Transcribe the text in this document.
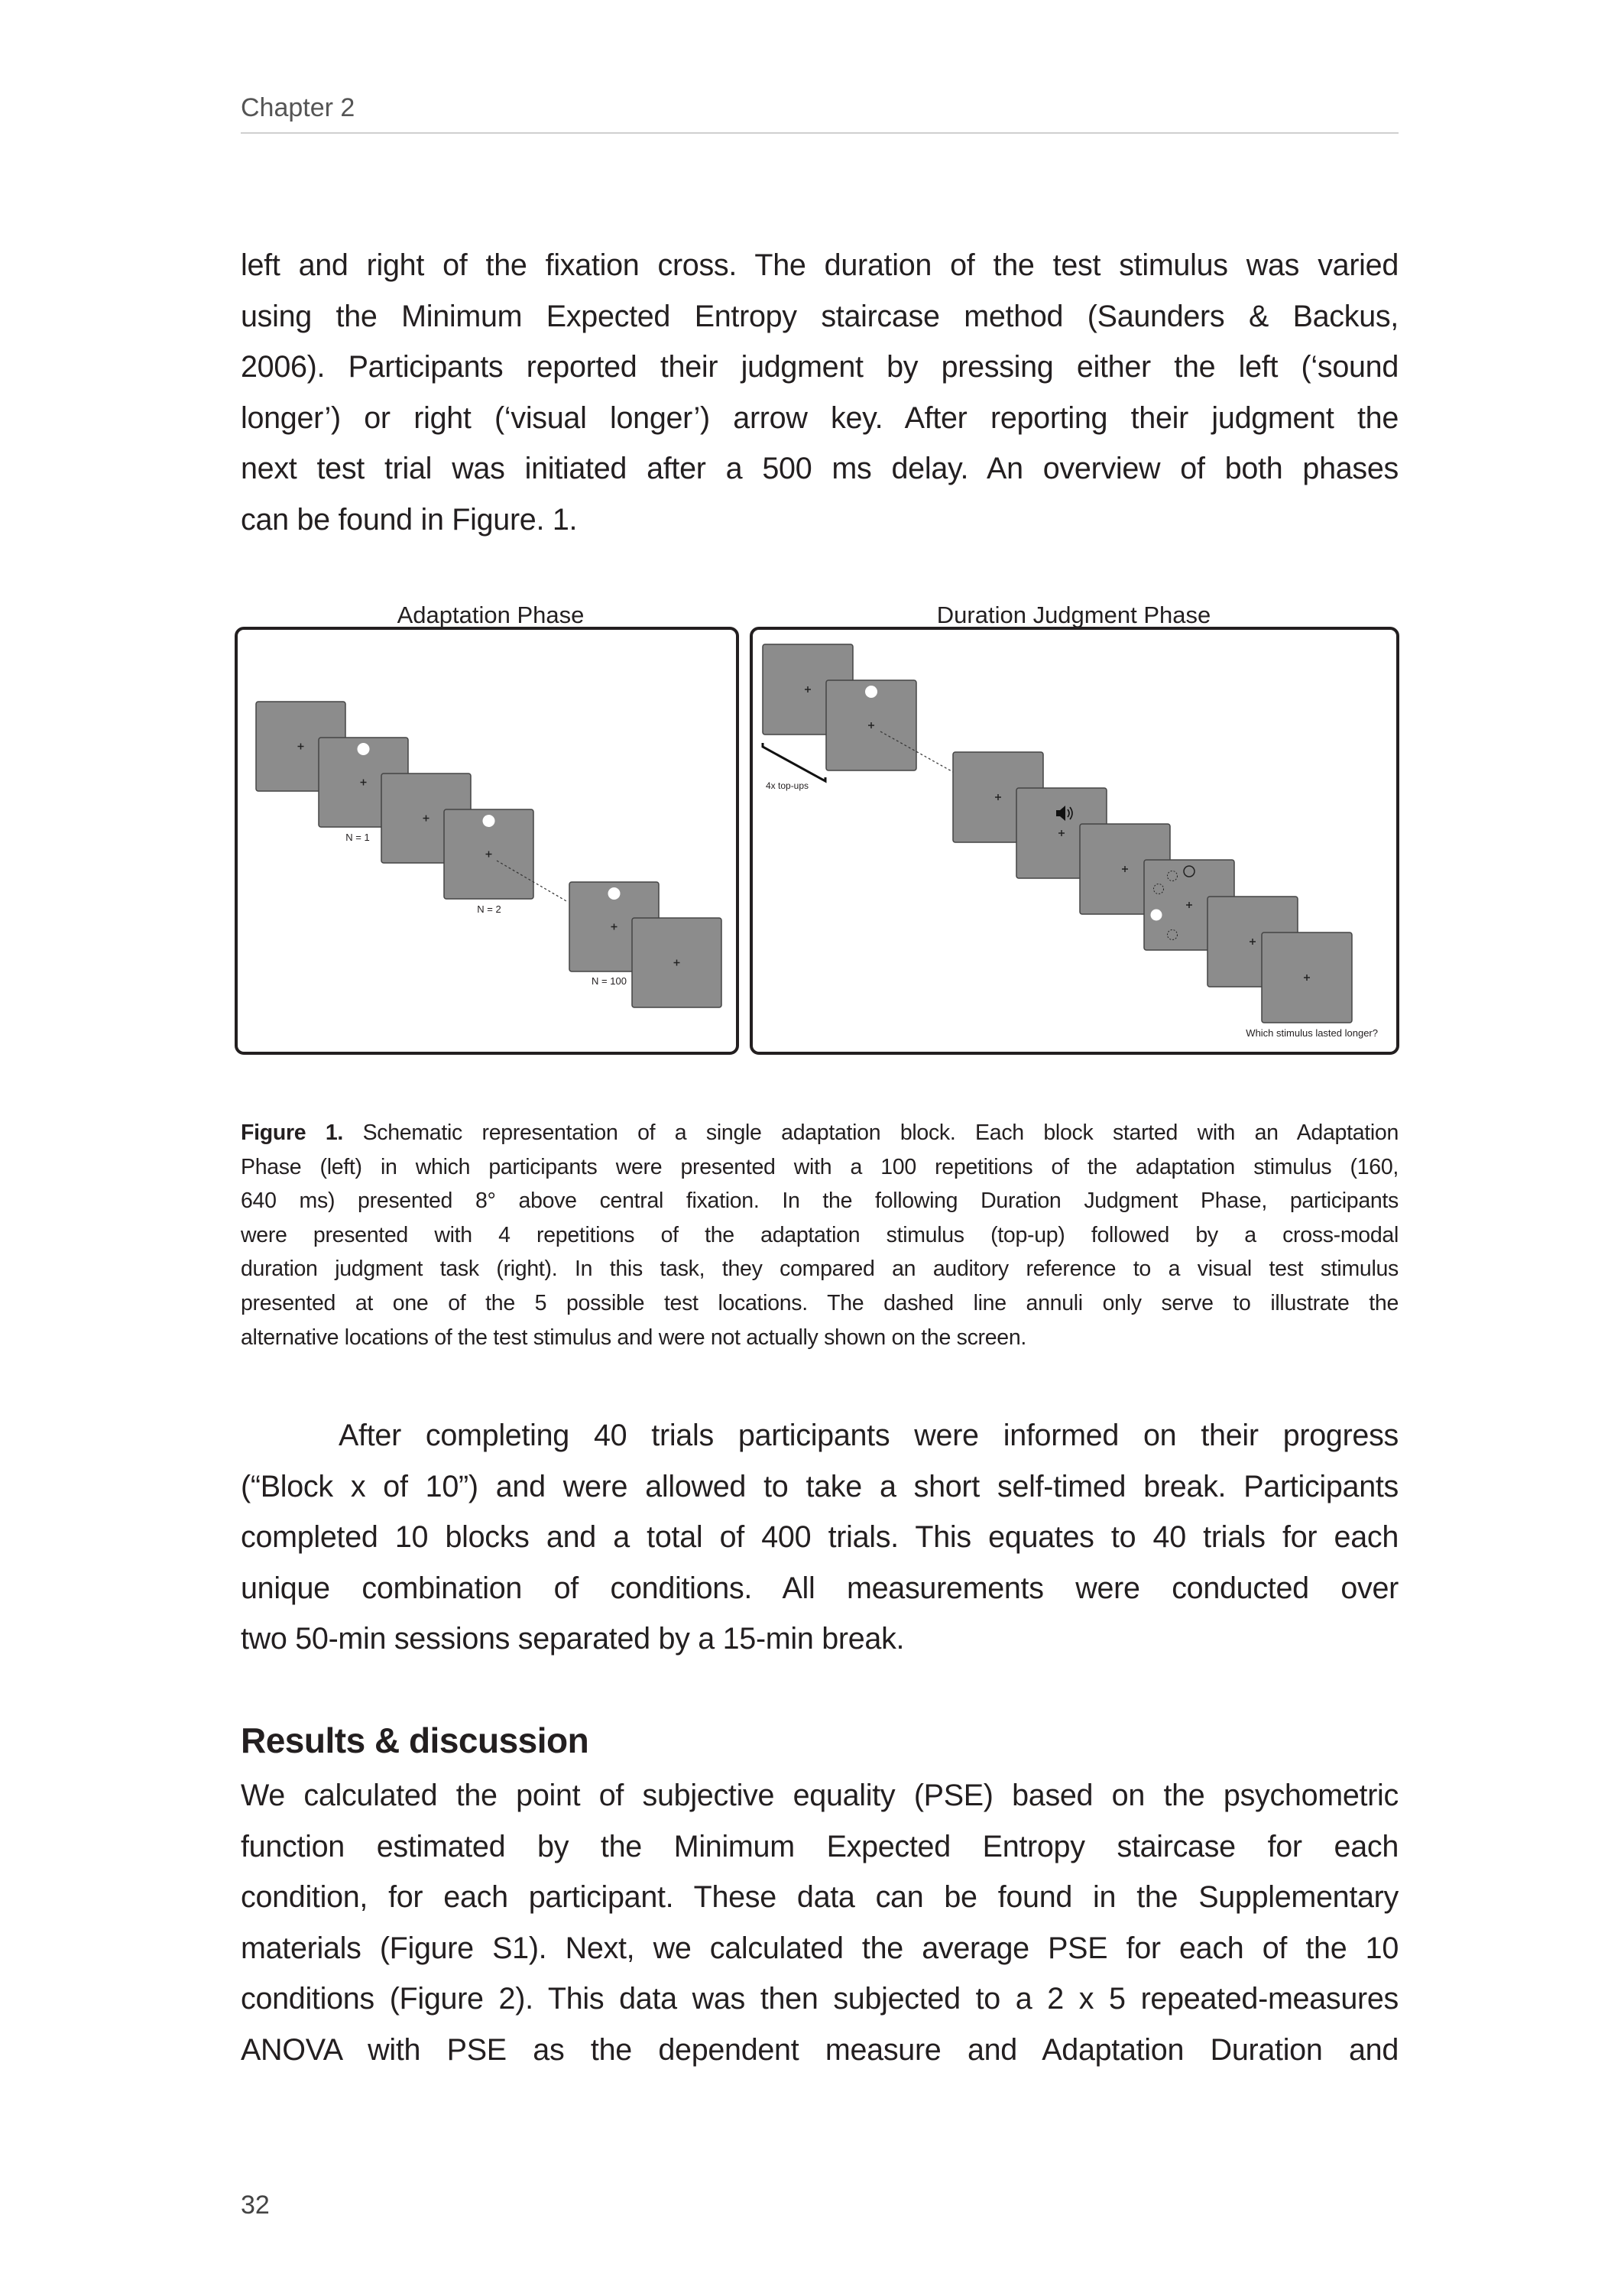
Chapter 2
left and right of the fixation cross. The duration of the test stimulus was varied
using the Minimum Expected Entropy staircase method (Saunders & Backus,
2006). Participants reported their judgment by pressing either the left (‘sound
longer’) or right (‘visual longer’) arrow key. After reporting their judgment the
next test trial was initiated after a 500 ms delay. An overview of both phases
can be found in Figure. 1.
Adaptation Phase	Duration Judgment Phase
N = 1
N = 2
N = 100
4x top-ups
Which stimulus lasted longer?
Figure 1. Schematic representation of a single adaptation block. Each block started with an Adaptation
Phase (left) in which participants were presented with a 100 repetitions of the adaptation stimulus (160,
640 ms) presented 8° above central fixation. In the following Duration Judgment Phase, participants
were presented with 4 repetitions of the adaptation stimulus (top-up) followed by a cross-modal
duration judgment task (right). In this task, they compared an auditory reference to a visual test stimulus
presented at one of the 5 possible test locations. The dashed line annuli only serve to illustrate the
alternative locations of the test stimulus and were not actually shown on the screen.
After completing 40 trials participants were informed on their progress
(“Block x of 10”) and were allowed to take a short self-timed break. Participants
completed 10 blocks and a total of 400 trials. This equates to 40 trials for each
unique combination of conditions. All measurements were conducted over
two 50-min sessions separated by a 15-min break.
Results & discussion
We calculated the point of subjective equality (PSE) based on the psychometric
function estimated by the Minimum Expected Entropy staircase for each
condition, for each participant. These data can be found in the Supplementary
materials (Figure S1). Next, we calculated the average PSE for each of the 10
conditions (Figure 2). This data was then subjected to a 2 x 5 repeated-measures
ANOVA with PSE as the dependent measure and Adaptation Duration and
32
